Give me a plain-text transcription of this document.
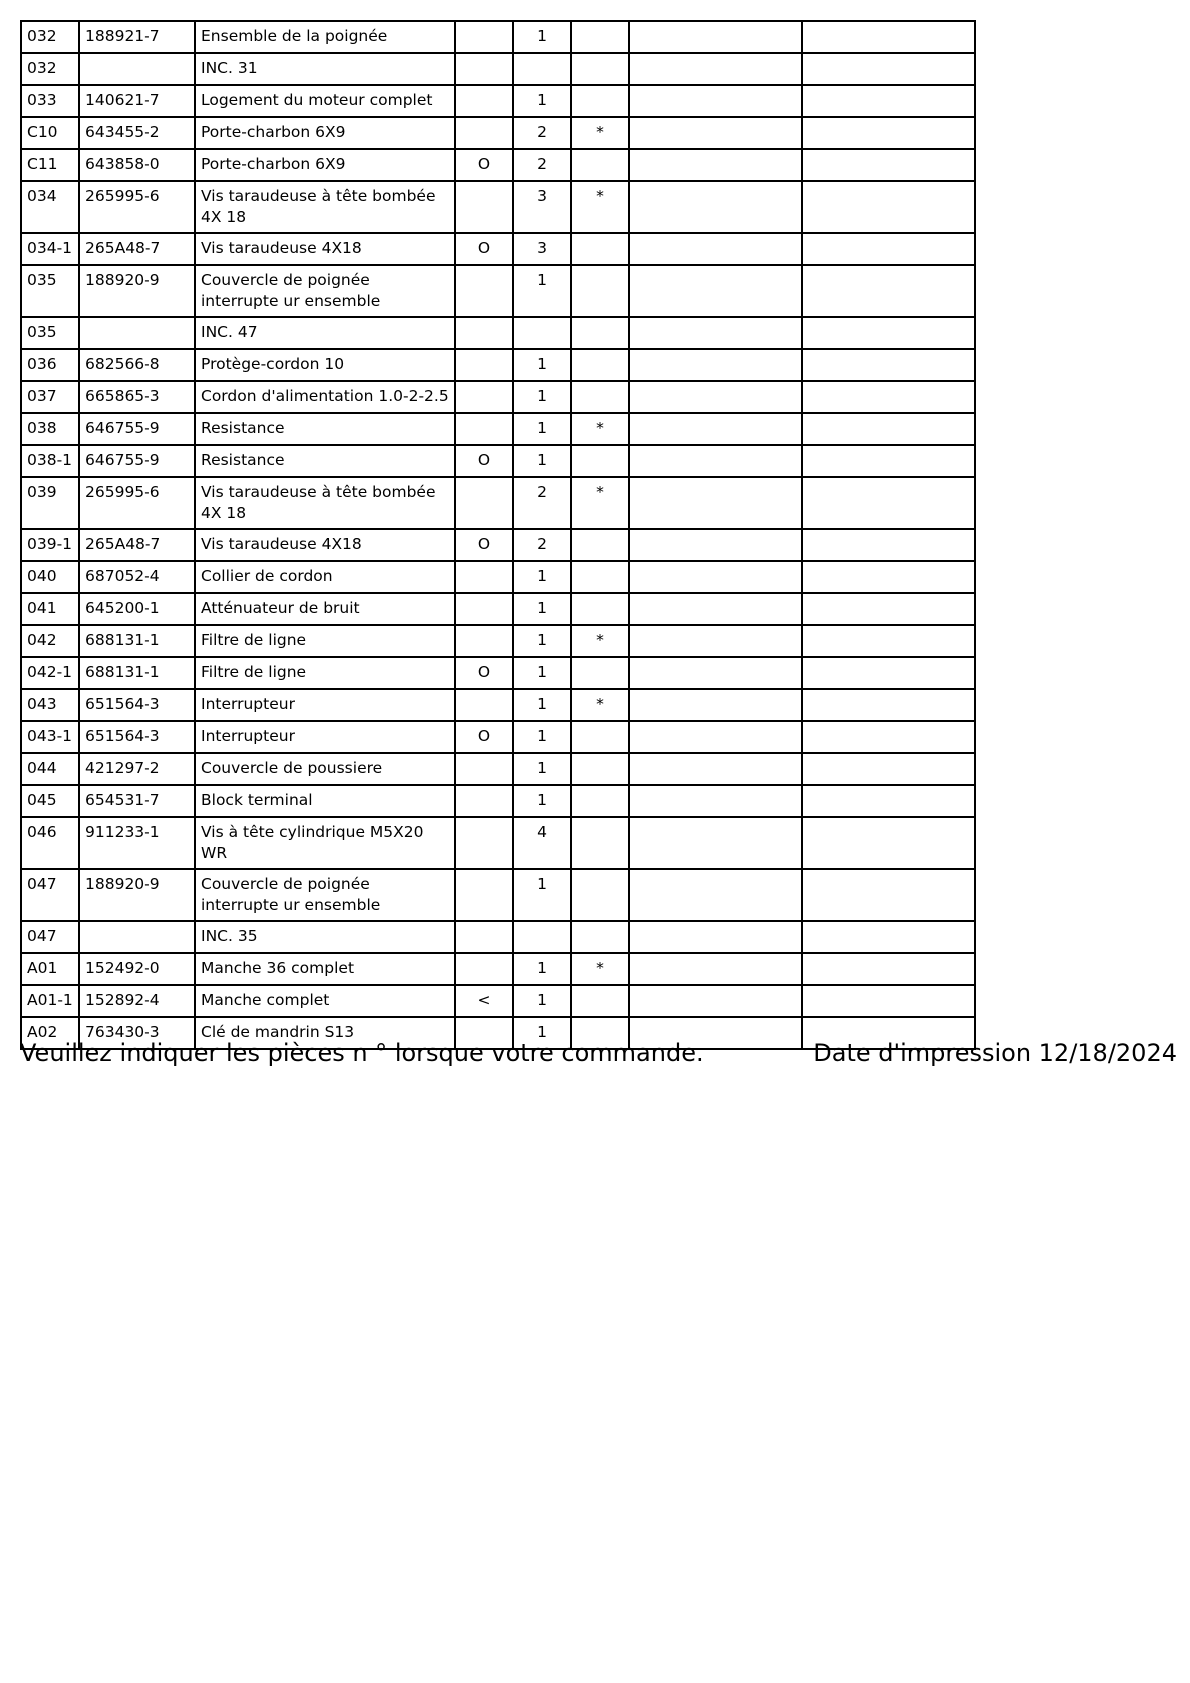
032	188921-7	Ensemble de la poignée		1			
032		INC. 31					
033	140621-7	Logement du moteur complet		1			
C10	643455-2	Porte-charbon 6X9		2	*		
C11	643858-0	Porte-charbon 6X9	O	2			
034	265995-6	Vis taraudeuse à tête bombée 4X 18		3	*		
034-1	265A48-7	Vis taraudeuse 4X18	O	3			
035	188920-9	Couvercle de poignée interrupte ur ensemble		1			
035		INC. 47					
036	682566-8	Protège-cordon 10		1			
037	665865-3	Cordon d'alimentation 1.0-2-2.5		1			
038	646755-9	Resistance		1	*		
038-1	646755-9	Resistance	O	1			
039	265995-6	Vis taraudeuse à tête bombée 4X 18		2	*		
039-1	265A48-7	Vis taraudeuse 4X18	O	2			
040	687052-4	Collier de cordon		1			
041	645200-1	Atténuateur de bruit		1			
042	688131-1	Filtre de ligne		1	*		
042-1	688131-1	Filtre de ligne	O	1			
043	651564-3	Interrupteur		1	*		
043-1	651564-3	Interrupteur	O	1			
044	421297-2	Couvercle de poussiere		1			
045	654531-7	Block terminal		1			
046	911233-1	Vis à tête cylindrique M5X20 WR		4			
047	188920-9	Couvercle de poignée interrupte ur ensemble		1			
047		INC. 35					
A01	152492-0	Manche 36 complet		1	*		
A01-1	152892-4	Manche complet	<	1			
A02	763430-3	Clé de mandrin S13		1			
Veuillez indiquer les pièces n ° lorsque votre commande.	Date d'impression 12/18/2024
